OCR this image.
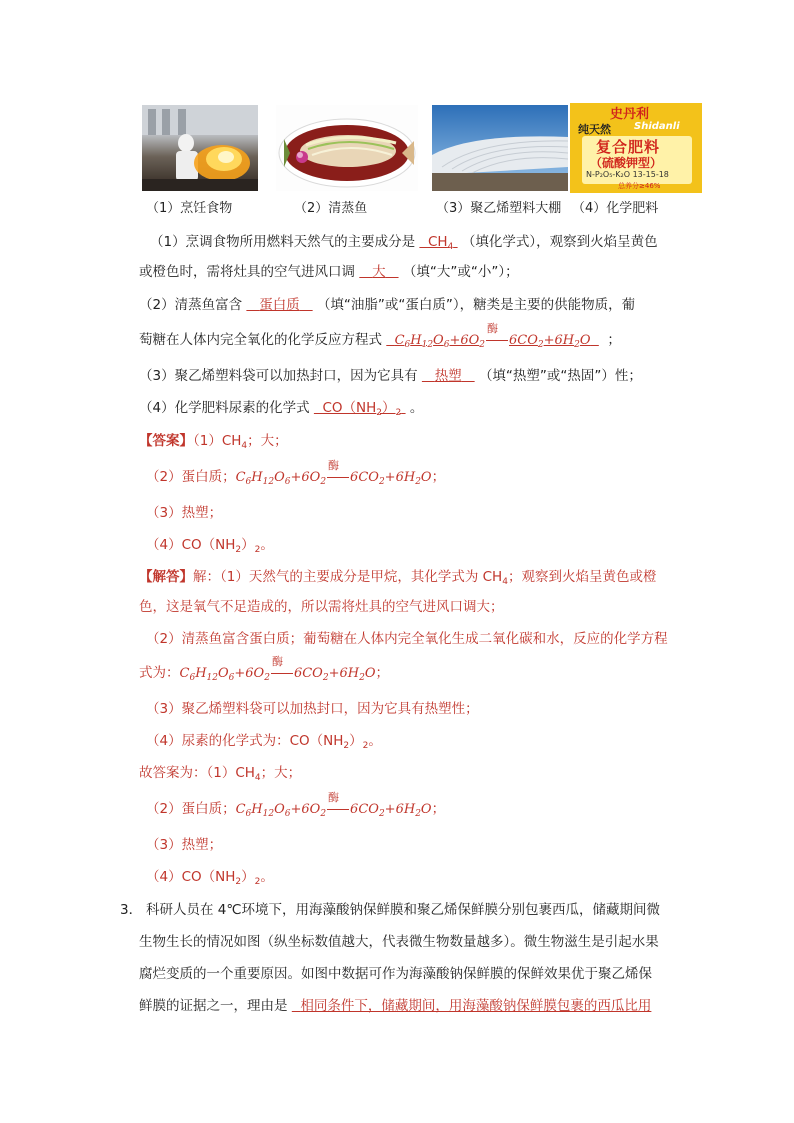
史丹利
纯天然 Shidanli
复合肥料
（硫酸钾型）
N-P₂O₅-K₂O 13-15-18
总养分≥46%
（1）烹饪食物	（2）清蒸鱼	（3）聚乙烯塑料大棚 （4）化学肥料
（1）烹调食物所用燃料天然气的主要成分是 $CH_4$ （填化学式），观察到火焰呈黄色
或橙色时，需将灶具的空气进风口调 大 （填“大”或“小”）；
（2）清蒸鱼富含 蛋白质 （填“油脂”或“蛋白质”），糖类是主要的供能物质，葡
萄糖在人体内完全氧化的化学反应方程式 $C_6H_{12}O_6+6O_2$
酶
$6CO_2+6H_2O$ ；
（3）聚乙烯塑料袋可以加热封口，因为它具有 热塑 （填“热塑”或“热固”）性；
（4）化学肥料尿素的化学式 $CO(NH_2)_2$ 。
【答案】$(1)CH_4$；大；
（2）蛋白质；$C_6H_{12}O_6+6O_2$
酶
$6CO_2+6H_2O$；
（3）热塑；
$(4)CO(NH_2)_2$。
【解答】解：（1）天然气的主要成分是甲烷，其化学式为 $CH_4$；观察到火焰呈黄色或橙
色，这是氧气不足造成的，所以需将灶具的空气进风口调大；
（2）清蒸鱼富含蛋白质；葡萄糖在人体内完全氧化生成二氧化碳和水，反应的化学方程
式为：$C_6H_{12}O_6+6O_2$
酶
$6CO_2+6H_2O$；
（3）聚乙烯塑料袋可以加热封口，因为它具有热塑性；
（4）尿素的化学式为：$CO(NH_2)_2$。
故答案为：$(1)CH_4$；大；
（2）蛋白质；$C_6H_{12}O_6+6O_2$
酶
$6CO_2+6H_2O$；
（3）热塑；
$(4)CO(NH_2)_2$。
3． 科研人员在 4℃环境下，用海藻酸钠保鲜膜和聚乙烯保鲜膜分别包裹西瓜，储藏期间微
生物生长的情况如图（纵坐标数值越大，代表微生物数量越多）。微生物滋生是引起水果
腐烂变质的一个重要原因。如图中数据可作为海藻酸钠保鲜膜的保鲜效果优于聚乙烯保
鲜膜的证据之一，理由是 相同条件下，储藏期间，用海藻酸钠保鲜膜包裹的西瓜比用
